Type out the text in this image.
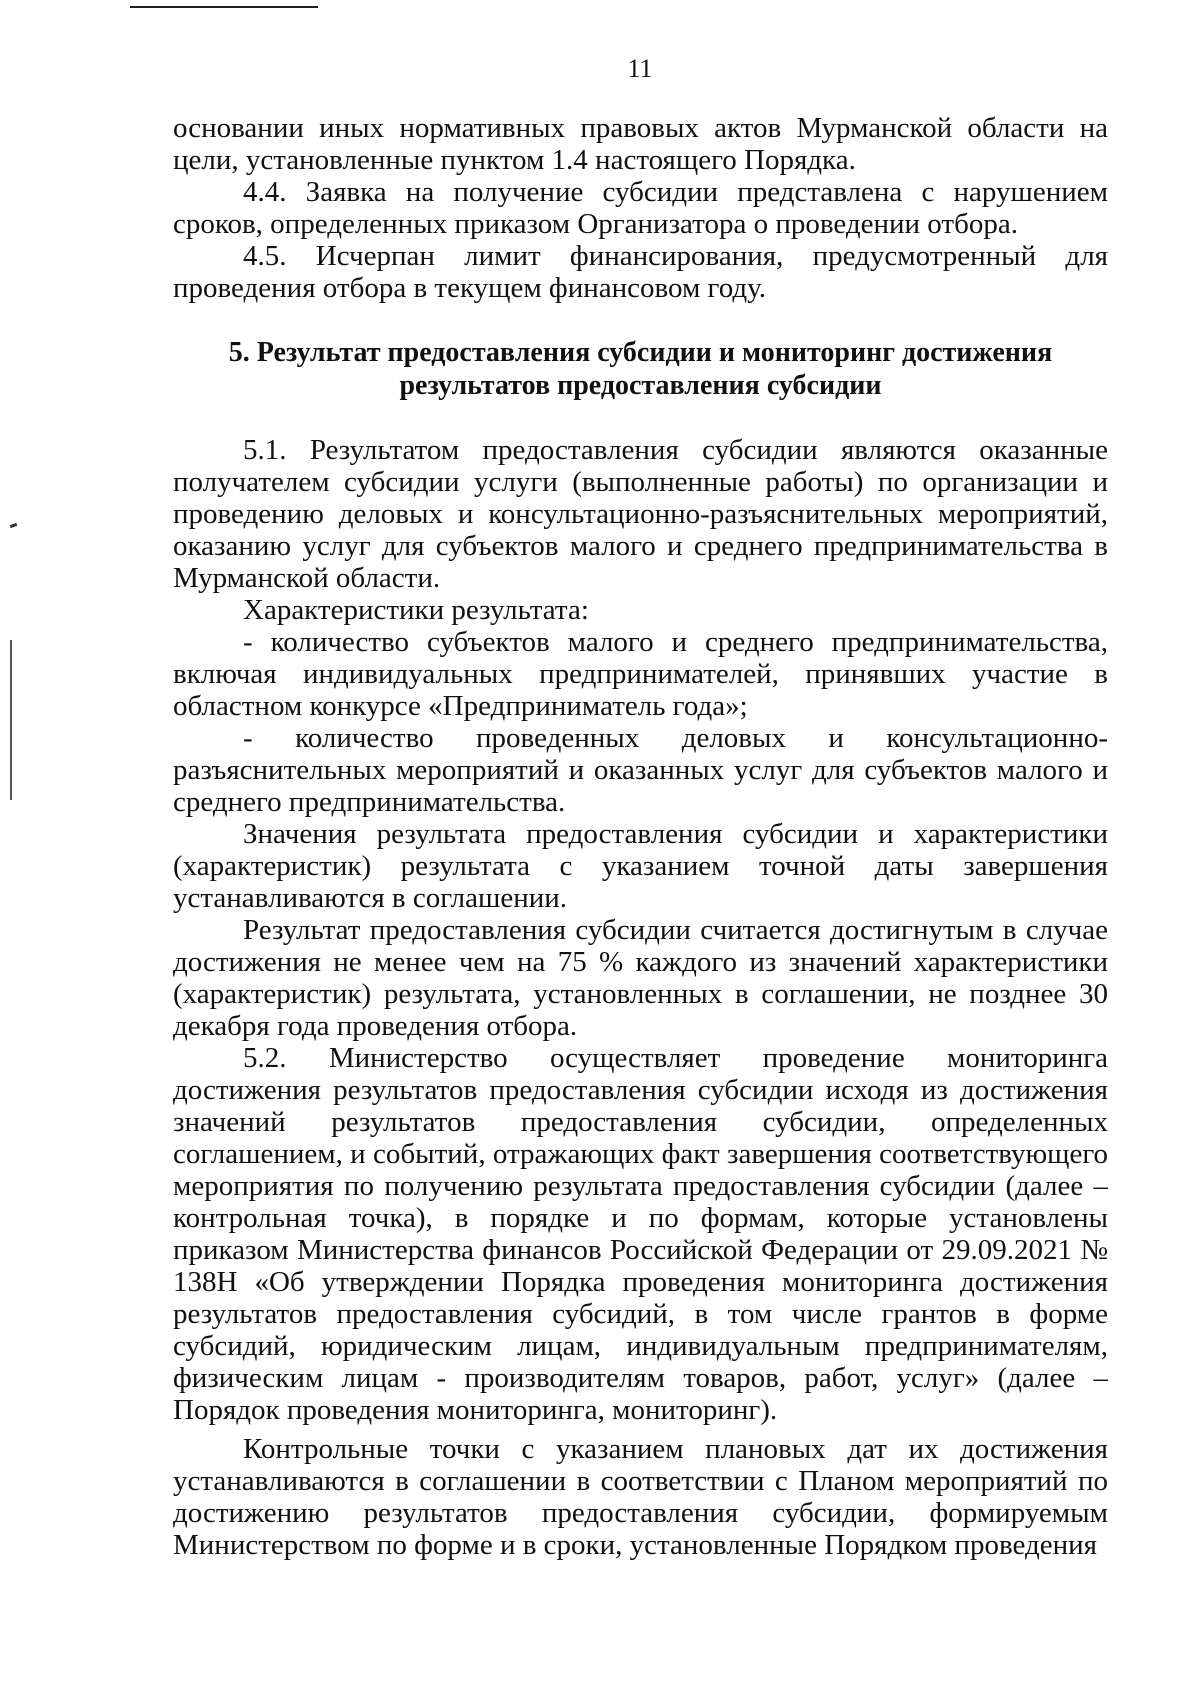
11

основании иных нормативных правовых актов Мурманской области на цели, установленные пунктом 1.4 настоящего Порядка.

4.4. Заявка на получение субсидии представлена с нарушением сроков, определенных приказом Организатора о проведении отбора.

4.5. Исчерпан лимит финансирования, предусмотренный для проведения отбора в текущем финансовом году.

5. Результат предоставления субсидии и мониторинг достижения
результатов предоставления субсидии

5.1. Результатом предоставления субсидии являются оказанные получателем субсидии услуги (выполненные работы) по организации и проведению деловых и консультационно-разъяснительных мероприятий, оказанию услуг для субъектов малого и среднего предпринимательства в Мурманской области.

Характеристики результата:

- количество субъектов малого и среднего предпринимательства, включая индивидуальных предпринимателей, принявших участие в областном конкурсе «Предприниматель года»;

- количество проведенных деловых и консультационно-разъяснительных мероприятий и оказанных услуг для субъектов малого и среднего предпринимательства.

Значения результата предоставления субсидии и характеристики (характеристик) результата с указанием точной даты завершения устанавливаются в соглашении.

Результат предоставления субсидии считается достигнутым в случае достижения не менее чем на 75 % каждого из значений характеристики (характеристик) результата, установленных в соглашении, не позднее 30 декабря года проведения отбора.

5.2. Министерство осуществляет проведение мониторинга достижения результатов предоставления субсидии исходя из достижения значений результатов предоставления субсидии, определенных соглашением, и событий, отражающих факт завершения соответствующего мероприятия по получению результата предоставления субсидии (далее – контрольная точка), в порядке и по формам, которые установлены приказом Министерства финансов Российской Федерации от 29.09.2021 № 138Н «Об утверждении Порядка проведения мониторинга достижения результатов предоставления субсидий, в том числе грантов в форме субсидий, юридическим лицам, индивидуальным предпринимателям, физическим лицам - производителям товаров, работ, услуг» (далее – Порядок проведения мониторинга, мониторинг).

Контрольные точки с указанием плановых дат их достижения устанавливаются в соглашении в соответствии с Планом мероприятий по достижению результатов предоставления субсидии, формируемым Министерством по форме и в сроки, установленные Порядком проведения
